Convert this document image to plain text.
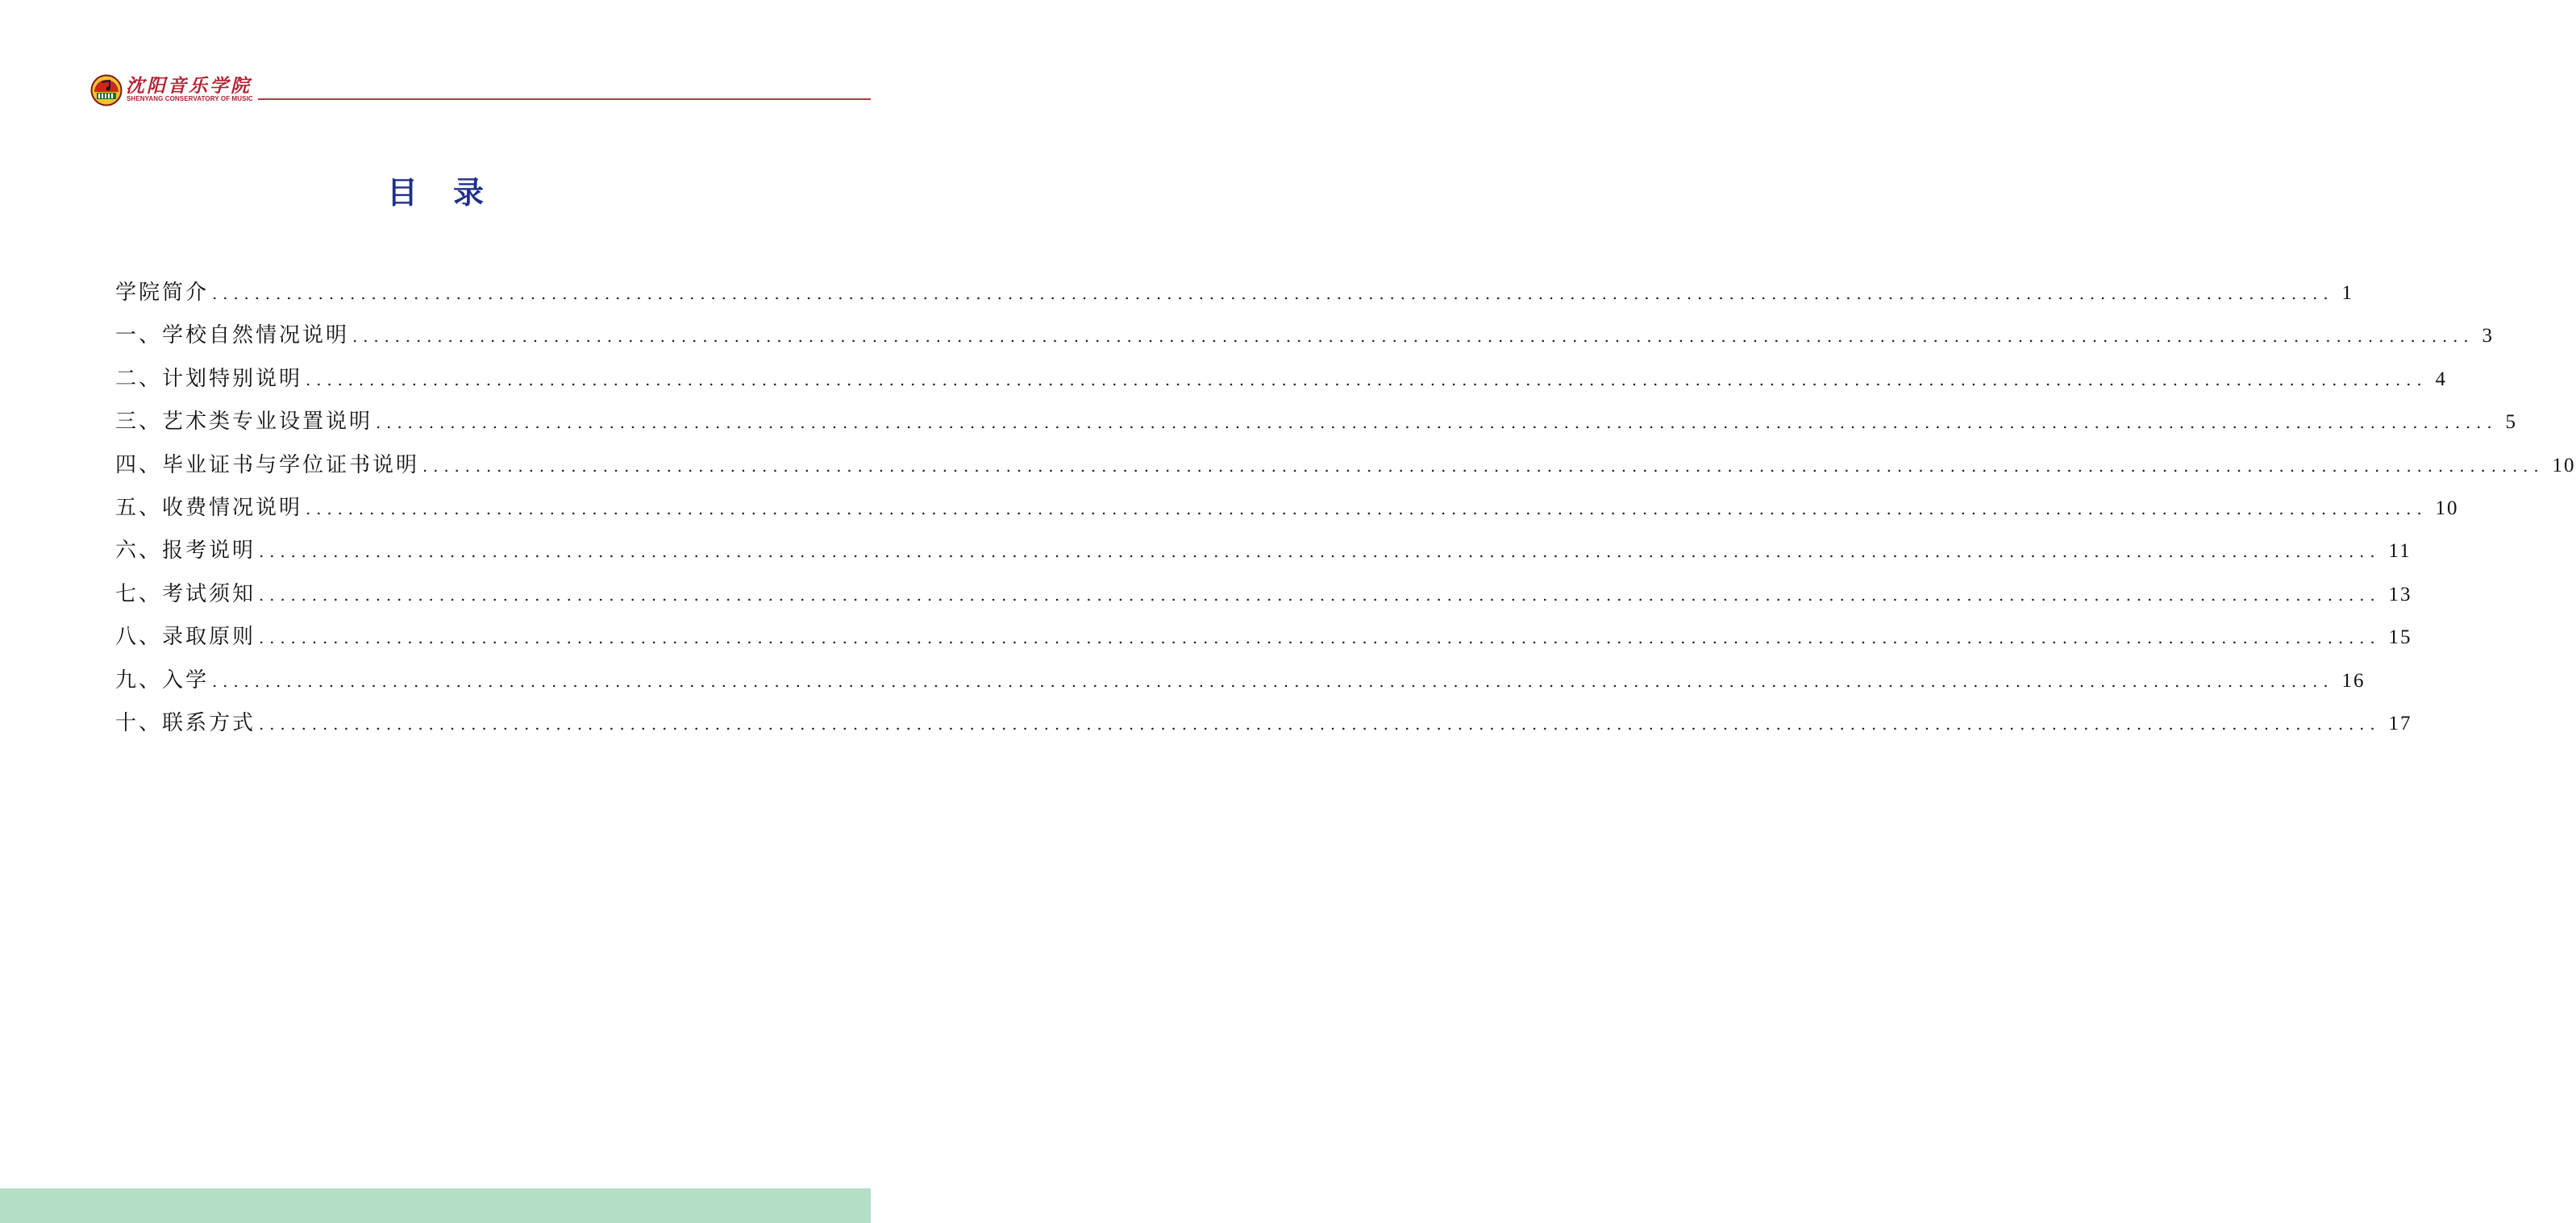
沈阳音乐学院
SHENYANG CONSERVATORY OF MUSIC
目录
学院简介 ........................................................................................................................................................................................................ 1
一、学校自然情况说明 ........................................................................................................................................................................................................ 3
二、计划特别说明 ........................................................................................................................................................................................................ 4
三、艺术类专业设置说明 ........................................................................................................................................................................................................ 5
四、毕业证书与学位证书说明 ........................................................................................................................................................................................................ 10
五、收费情况说明 ........................................................................................................................................................................................................ 10
六、报考说明 ........................................................................................................................................................................................................ 11
七、考试须知 ........................................................................................................................................................................................................ 13
八、录取原则 ........................................................................................................................................................................................................ 15
九、入学 ........................................................................................................................................................................................................ 16
十、联系方式 ........................................................................................................................................................................................................ 17
